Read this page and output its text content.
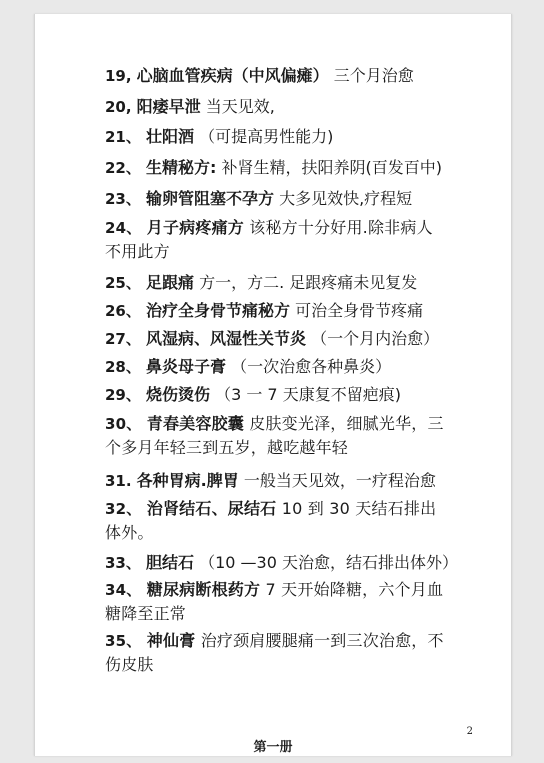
19, 心脑血管疾病（中风偏瘫） 三个月治愈
20, 阳痿早泄 当天见效,
21、 壮阳酒 （可提高男性能力)
22、 生精秘方: 补肾生精，扶阳养阴(百发百中)
23、 输卵管阻塞不孕方 大多见效快,疗程短
24、 月子病疼痛方 该秘方十分好用.除非病人不用此方
25、 足跟痛 方一，方二. 足跟疼痛未见复发
26、 治疗全身骨节痛秘方 可治全身骨节疼痛
27、 风湿病、风湿性关节炎 （一个月内治愈）
28、 鼻炎母子膏 （一次治愈各种鼻炎）
29、 烧伤烫伤 （3 一 7 天康复不留疤痕)
30、 青春美容胶囊 皮肤变光泽，细腻光华，三个多月年轻三到五岁，越吃越年轻
31. 各种胃病.脾胃 一般当天见效，一疗程治愈
32、 治肾结石、尿结石 10 到 30 天结石排出体外。
33、 胆结石 （10 —30 天治愈，结石排出体外）
34、 糖尿病断根药方 7 天开始降糖，六个月血糖降至正常
35、 神仙膏 治疗颈肩腰腿痛一到三次治愈，不伤皮肤
2
第一册
